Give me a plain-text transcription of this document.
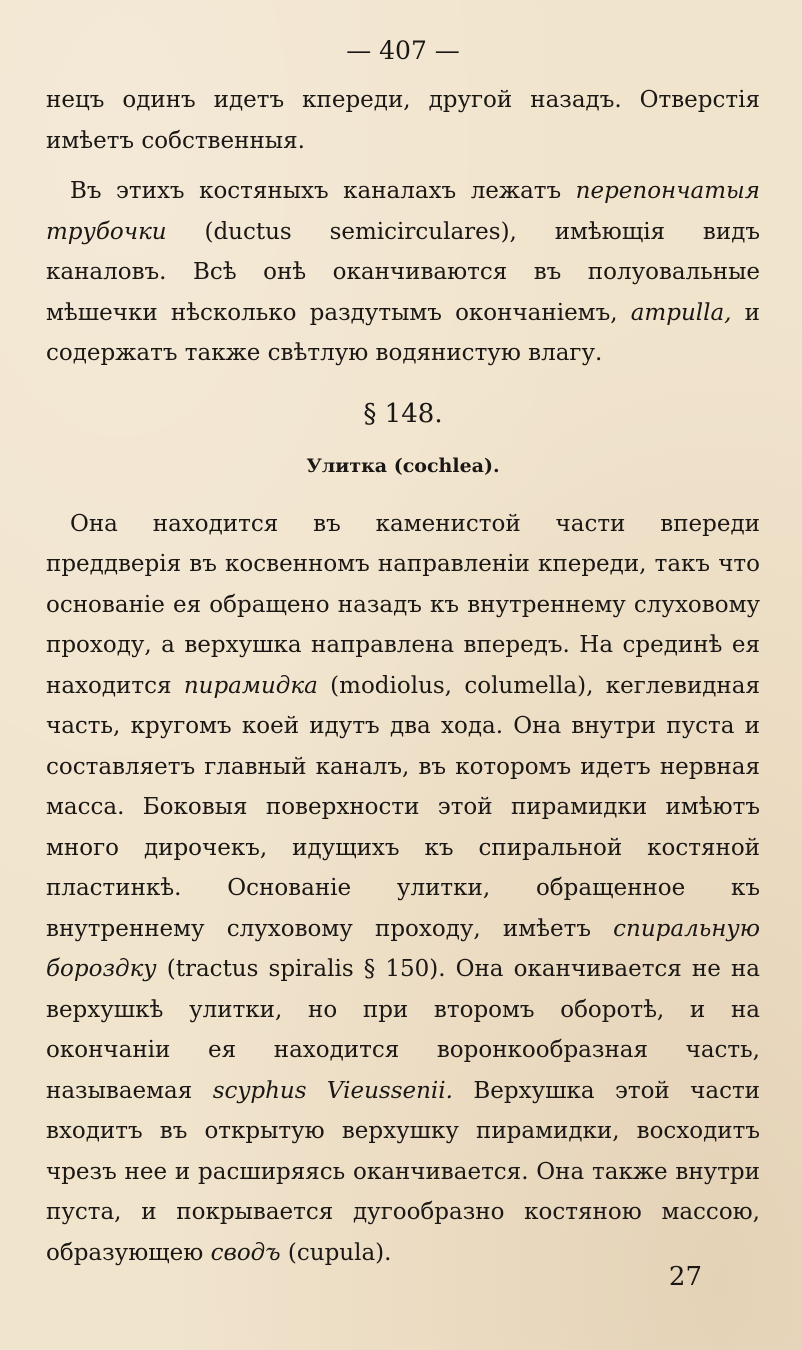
— 407 —

нецъ одинъ идетъ кпереди, другой назадъ. Отверстія имѣетъ собственныя.

Въ этихъ костяныхъ каналахъ лежатъ перепончатыя трубочки (ductus semicirculares), имѣющія видъ каналовъ. Всѣ онѣ оканчиваются въ полуовальные мѣшечки нѣсколько раздутымъ окончаніемъ, ampulla, и содержатъ также свѣтлую водянистую влагу.

§ 148.
Улитка (cochlea).

Она находится въ каменистой части впереди преддверія въ косвенномъ направленіи кпереди, такъ что основаніе ея обращено назадъ къ внутреннему слуховому проходу, а верхушка направлена впередъ. На срединѣ ея находится пирамидка (modiolus, columella), кеглевидная часть, кругомъ коей идутъ два хода. Она внутри пуста и составляетъ главный каналъ, въ которомъ идетъ нервная масса. Боковыя поверхности этой пирамидки имѣютъ много дирочекъ, идущихъ къ спиральной костяной пластинкѣ. Основаніе улитки, обращенное къ внутреннему слуховому проходу, имѣетъ спиральную бороздку (tractus spiralis § 150). Она оканчивается не на верхушкѣ улитки, но при второмъ оборотѣ, и на окончаніи ея находится воронкообразная часть, называемая scyphus Vieussenii. Верхушка этой части входитъ въ открытую верхушку пирамидки, восходитъ чрезъ нее и расширяясь оканчивается. Она также внутри пуста, и покрывается дугообразно костяною массою, образующею сводъ (cupula).

27
